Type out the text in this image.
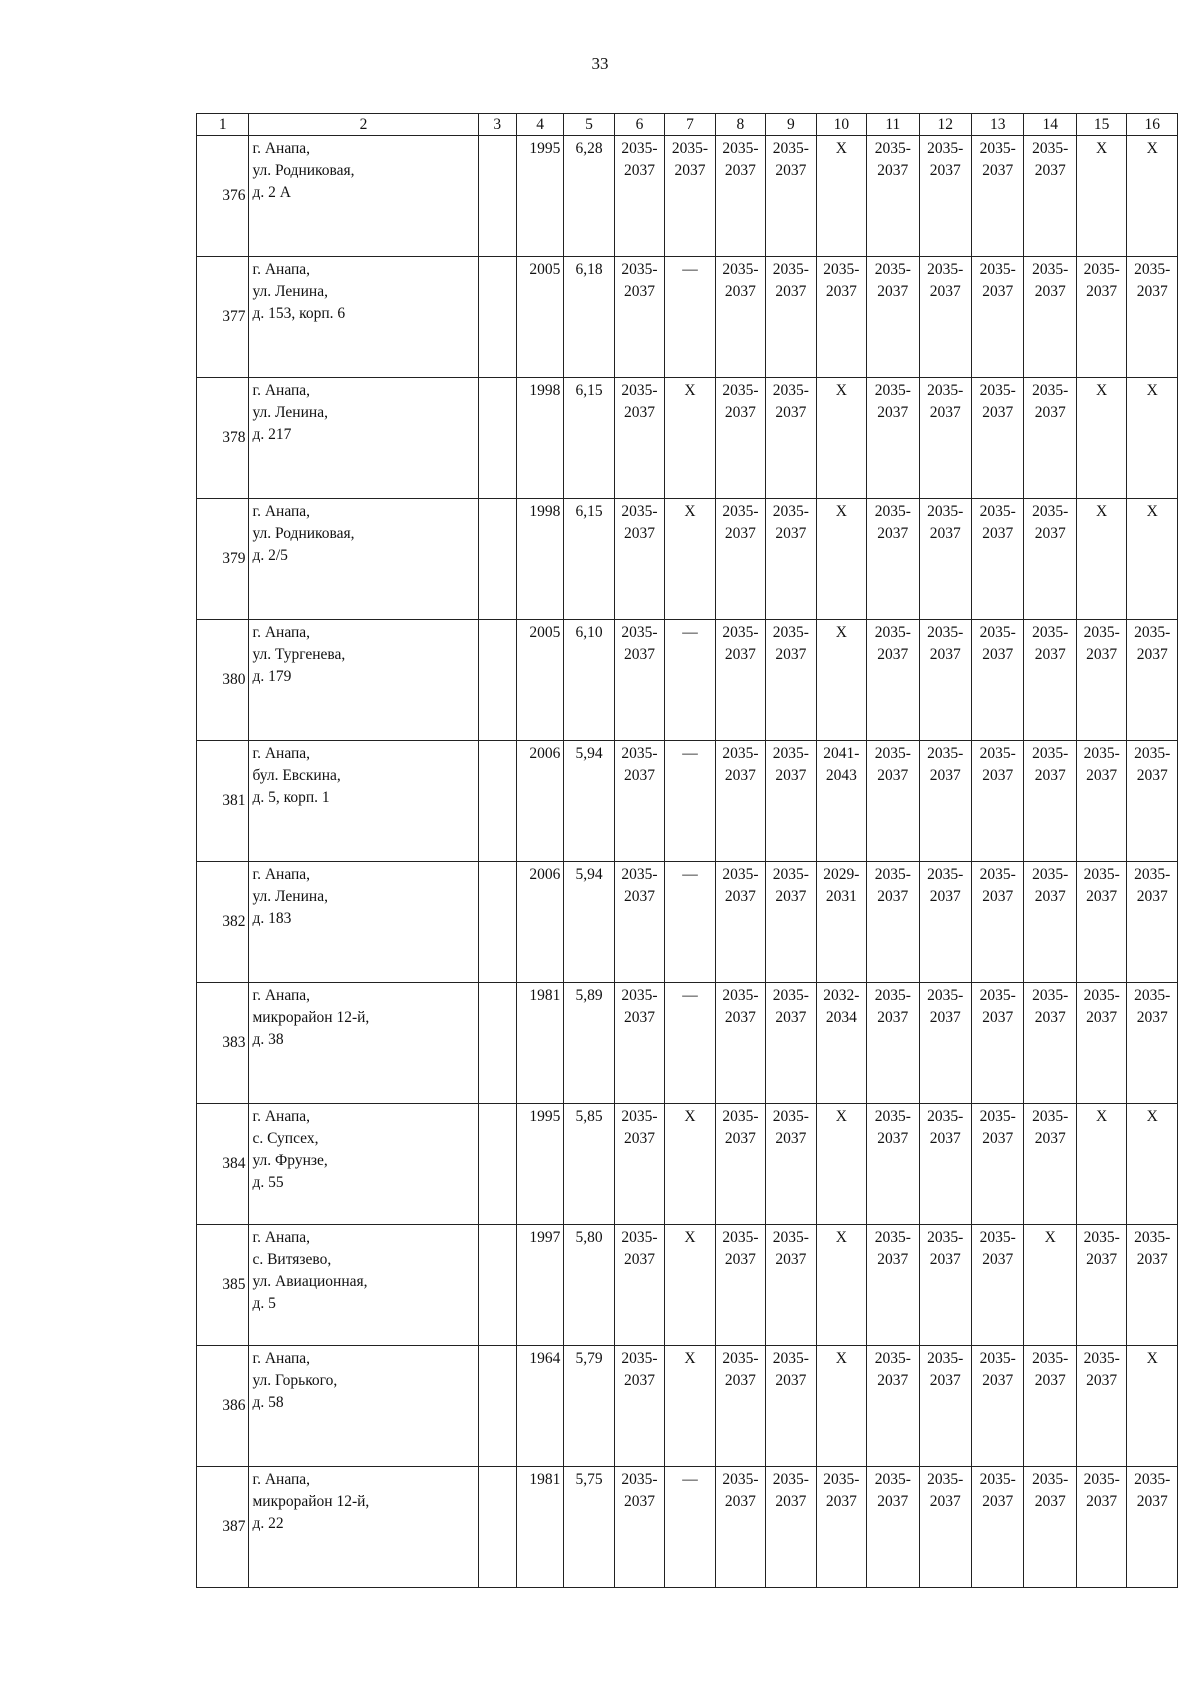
33
1	2	3	4	5	6	7	8	9	10	11	12	13	14	15	16
376	г. Анапа,
ул. Родниковая,
д. 2 А		1995	6,28	2035-
2037	2035-
2037	2035-
2037	2035-
2037	X	2035-
2037	2035-
2037	2035-
2037	2035-
2037	X	X
377	г. Анапа,
ул. Ленина,
д. 153, корп. 6		2005	6,18	2035-
2037	—	2035-
2037	2035-
2037	2035-
2037	2035-
2037	2035-
2037	2035-
2037	2035-
2037	2035-
2037	2035-
2037

378	г. Анапа,
ул. Ленина,
д. 217		1998	6,15	2035-
2037	X	2035-
2037	2035-
2037	X	2035-
2037	2035-
2037	2035-
2037	2035-
2037	X	X
379	г. Анапа,
ул. Родниковая,
д. 2/5		1998	6,15	2035-
2037	X	2035-
2037	2035-
2037	X	2035-
2037	2035-
2037	2035-
2037	2035-
2037	X	X
380	г. Анапа,
ул. Тургенева,
д. 179		2005	6,10	2035-
2037	—	2035-
2037	2035-
2037	X	2035-
2037	2035-
2037	2035-
2037	2035-
2037	2035-
2037	2035-
2037

381	г. Анапа,
бул. Евскина,
д. 5, корп. 1		2006	5,94	2035-
2037	—	2035-
2037	2035-
2037	2041-
2043	2035-
2037	2035-
2037	2035-
2037	2035-
2037	2035-
2037	2035-
2037

382	г. Анапа,
ул. Ленина,
д. 183		2006	5,94	2035-
2037	—	2035-
2037	2035-
2037	2029-
2031	2035-
2037	2035-
2037	2035-
2037	2035-
2037	2035-
2037	2035-
2037

383	г. Анапа,
микрорайон 12-й,
д. 38		1981	5,89	2035-
2037	—	2035-
2037	2035-
2037	2032-
2034	2035-
2037	2035-
2037	2035-
2037	2035-
2037	2035-
2037	2035-
2037

384	г. Анапа,
с. Супсех,
ул. Фрунзе,
д. 55		1995	5,85	2035-
2037	X	2035-
2037	2035-
2037	X	2035-
2037	2035-
2037	2035-
2037	2035-
2037	X	X
385	г. Анапа,
с. Витязево,
ул. Авиационная,
д. 5		1997	5,80	2035-
2037	X	2035-
2037	2035-
2037	X	2035-
2037	2035-
2037	2035-
2037	X	2035-
2037	2035-
2037

386	г. Анапа,
ул. Горького,
д. 58		1964	5,79	2035-
2037	X	2035-
2037	2035-
2037	X	2035-
2037	2035-
2037	2035-
2037	2035-
2037	2035-
2037	X
387	г. Анапа,
микрорайон 12-й,
д. 22		1981	5,75	2035-
2037	—	2035-
2037	2035-
2037	2035-
2037	2035-
2037	2035-
2037	2035-
2037	2035-
2037	2035-
2037	2035-
2037
